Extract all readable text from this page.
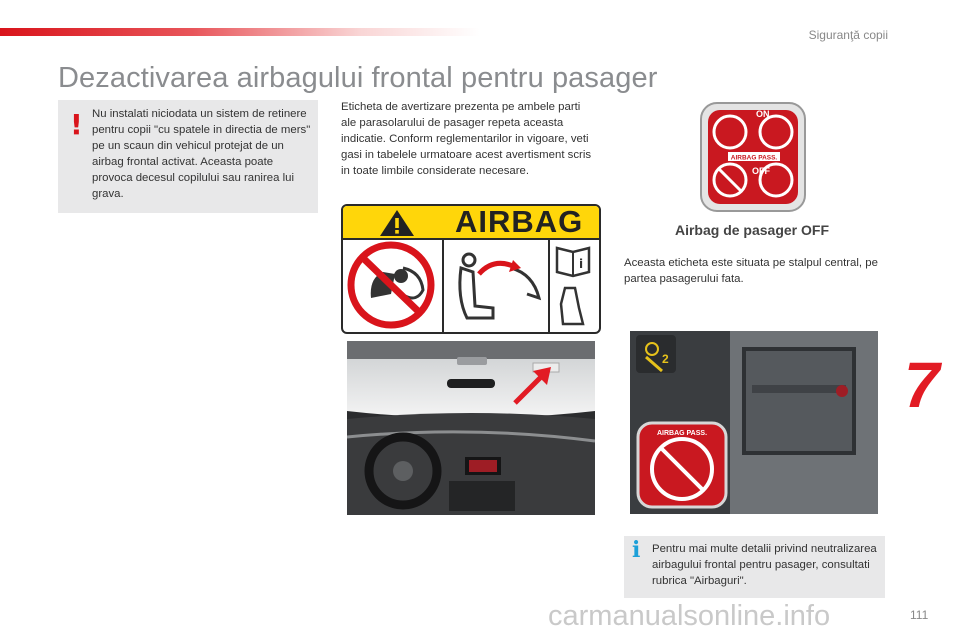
Siguranţă copii
Dezactivarea airbagului frontal pentru pasager
! Nu instalati niciodata un sistem de retinere pentru copii "cu spatele in directia de mers" pe un scaun din vehicul protejat de un airbag frontal activat. Aceasta poate provoca decesul copilului sau ranirea lui grava.
Eticheta de avertizare prezenta pe ambele parti ale parasolarului de pasager repeta aceasta indicatie. Conform reglementarilor in vigoare, veti gasi in tabelele urmatoare acest avertisment scris in toate limbile considerate necesare.
AIRBAG
i
ON
AIRBAG PASS.
OFF
Airbag de pasager OFF
Aceasta eticheta este situata pe stalpul central, pe partea pasagerului fata.
2
AIRBAG PASS.
i Pentru mai multe detalii privind neutralizarea airbagului frontal pentru pasager, consultati rubrica "Airbaguri".
7
111
carmanualsonline.info
